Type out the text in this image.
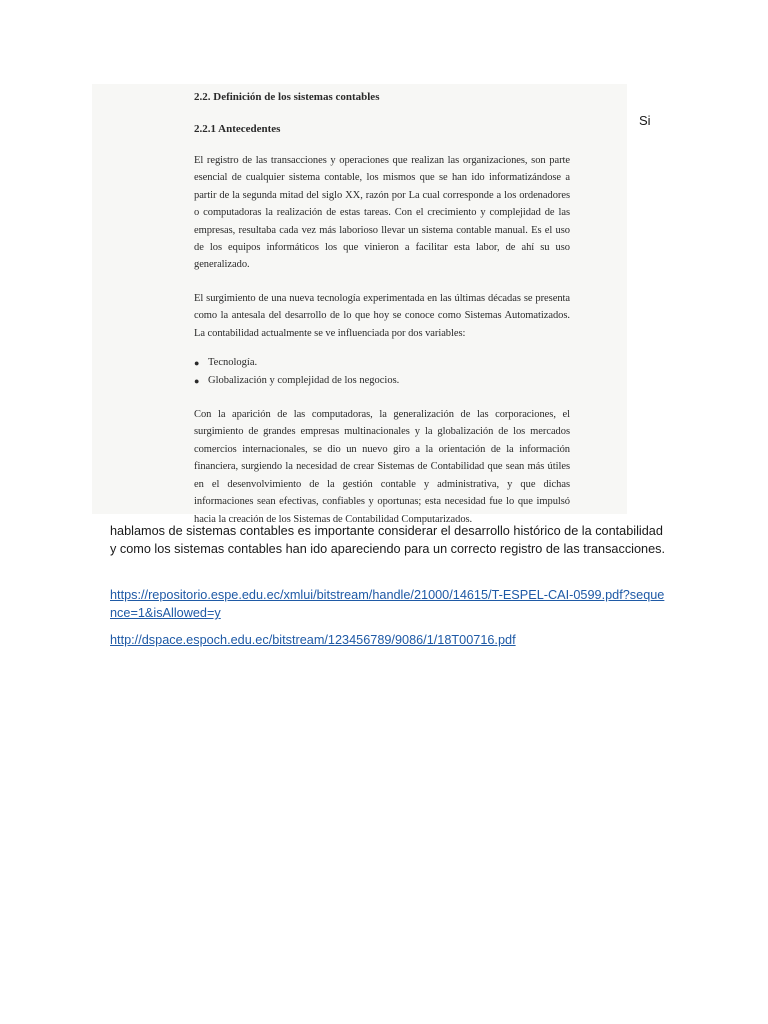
2.2. Definición de los sistemas contables
2.2.1 Antecedentes

El registro de las transacciones y operaciones que realizan las organizaciones, son parte esencial de cualquier sistema contable, los mismos que se han ido informatizándose a partir de la segunda mitad del siglo XX, razón por La cual corresponde a los ordenadores o computadoras la realización de estas tareas. Con el crecimiento y complejidad de las empresas, resultaba cada vez más laborioso llevar un sistema contable manual. Es el uso de los equipos informáticos los que vinieron a facilitar esta labor, de ahí su uso generalizado.

El surgimiento de una nueva tecnología experimentada en las últimas décadas se presenta como la antesala del desarrollo de lo que hoy se conoce como Sistemas Automatizados. La contabilidad actualmente se ve influenciada por dos variables:

● Tecnología.
● Globalización y complejidad de los negocios.

Con la aparición de las computadoras, la generalización de las corporaciones, el surgimiento de grandes empresas multinacionales y la globalización de los mercados comercios internacionales, se dio un nuevo giro a la orientación de la información financiera, surgiendo la necesidad de crear Sistemas de Contabilidad que sean más útiles en el desenvolvimiento de la gestión contable y administrativa, y que dichas informaciones sean efectivas, confiables y oportunas; esta necesidad fue lo que impulsó hacia la creación de los Sistemas de Contabilidad Computarizados.

Si
hablamos de sistemas contables es importante considerar el desarrollo histórico de la contabilidad y como los sistemas contables han ido apareciendo para un correcto registro de las transacciones.
https://repositorio.espe.edu.ec/xmlui/bitstream/handle/21000/14615/T-ESPEL-CAI-0599.pdf?sequence=1&isAllowed=y
http://dspace.espoch.edu.ec/bitstream/123456789/9086/1/18T00716.pdf
